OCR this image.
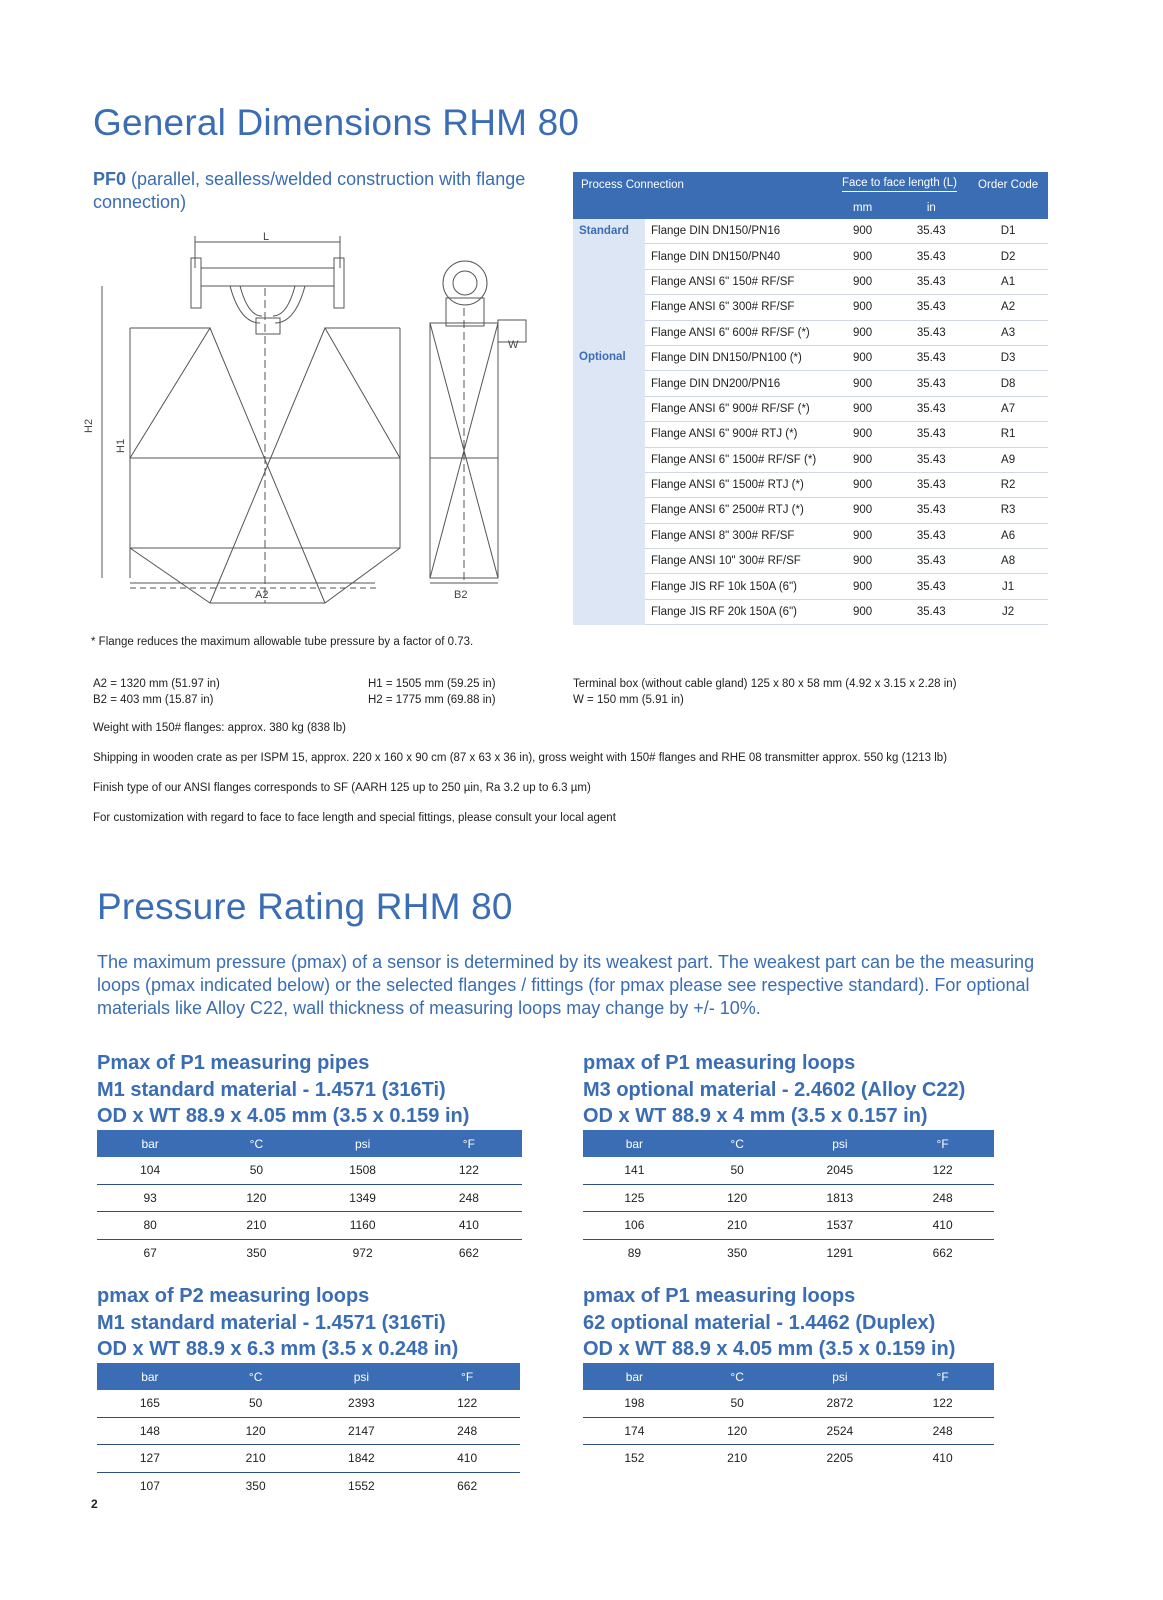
General Dimensions RHM 80
PF0 (parallel, sealless/welded construction with flange connection)
L
H2
H1
A2	B2
W
Process Connection		Face to face length (L)		Order Code
		mm	in	
Standard	Flange DIN DN150/PN16	900	35.43	D1
	Flange DIN DN150/PN40	900	35.43	D2
	Flange ANSI 6" 150# RF/SF	900	35.43	A1
	Flange ANSI 6" 300# RF/SF	900	35.43	A2
	Flange ANSI 6" 600# RF/SF (*)	900	35.43	A3
Optional	Flange DIN DN150/PN100 (*)	900	35.43	D3
	Flange DIN DN200/PN16	900	35.43	D8
	Flange ANSI 6" 900# RF/SF (*)	900	35.43	A7
	Flange ANSI 6" 900# RTJ (*)	900	35.43	R1
	Flange ANSI 6" 1500# RF/SF (*)	900	35.43	A9
	Flange ANSI 6" 1500# RTJ (*)	900	35.43	R2
	Flange ANSI 6" 2500# RTJ (*)	900	35.43	R3
	Flange ANSI 8" 300# RF/SF	900	35.43	A6
	Flange ANSI 10" 300# RF/SF	900	35.43	A8
	Flange JIS RF 10k 150A (6")	900	35.43	J1
	Flange JIS RF 20k 150A (6")	900	35.43	J2
* Flange reduces the maximum allowable tube pressure by a factor of 0.73.
A2 = 1320 mm (51.97 in)
B2 = 403 mm (15.87 in)
H1 = 1505 mm (59.25 in)
H2 = 1775 mm (69.88 in)
Terminal box (without cable gland) 125 x 80 x 58 mm (4.92 x 3.15 x 2.28 in)
W = 150 mm (5.91 in)
Weight with 150# flanges: approx. 380 kg (838 lb)
Shipping in wooden crate as per ISPM 15, approx. 220 x 160 x 90 cm (87 x 63 x 36 in), gross weight with 150# flanges and RHE 08 transmitter approx. 550 kg (1213 lb)
Finish type of our ANSI flanges corresponds to SF (AARH 125 up to 250 µin, Ra 3.2 up to 6.3 µm)
For customization with regard to face to face length and special fittings, please consult your local agent
Pressure Rating RHM 80
The maximum pressure (pmax) of a sensor is determined by its weakest part. The weakest part can be the measuring loops (pmax indicated below) or the selected flanges / fittings (for pmax please see respective standard). For optional materials like Alloy C22, wall thickness of measuring loops may change by +/- 10%.
Pmax of P1 measuring pipes
M1 standard material - 1.4571 (316Ti)
OD x WT 88.9 x 4.05 mm (3.5 x 0.159 in)
bar	°C	psi	°F
104	50	1508	122
93	120	1349	248
80	210	1160	410
67	350	972	662
pmax of P1 measuring loops
M3 optional material - 2.4602 (Alloy C22)
OD x WT 88.9 x 4 mm (3.5 x 0.157 in)
bar	°C	psi	°F
141	50	2045	122
125	120	1813	248
106	210	1537	410
89	350	1291	662
pmax of P2 measuring loops
M1 standard material - 1.4571 (316Ti)
OD x WT 88.9 x 6.3 mm (3.5 x 0.248 in)
bar	°C	psi	°F
165	50	2393	122
148	120	2147	248
127	210	1842	410
107	350	1552	662
pmax of P1 measuring loops
62 optional material - 1.4462 (Duplex)
OD x WT 88.9 x 4.05 mm (3.5 x 0.159 in)
bar	°C	psi	°F
198	50	2872	122
174	120	2524	248
152	210	2205	410
2
